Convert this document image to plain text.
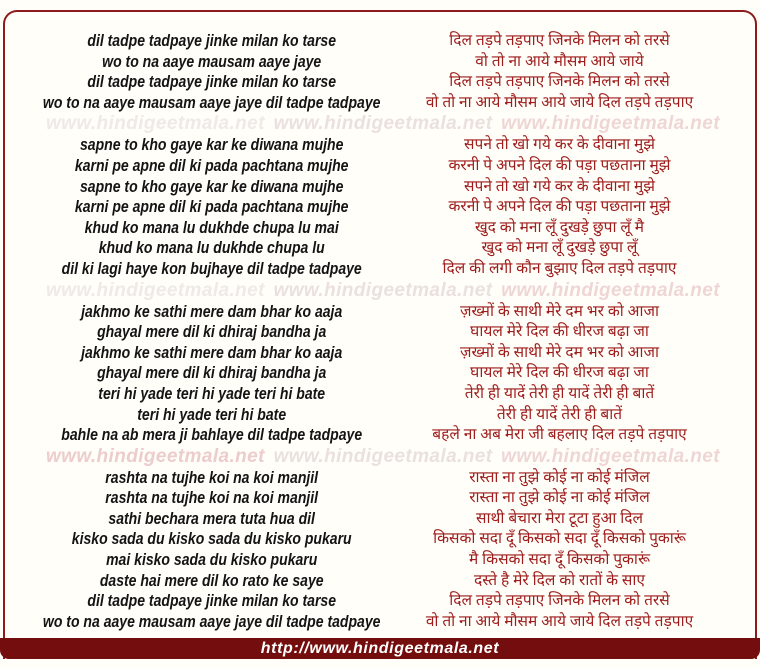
dil tadpe tadpaye jinke milan ko tarse
wo to na aaye mausam aaye jaye
dil tadpe tadpaye jinke milan ko tarse
wo to na aaye mausam aaye jaye dil tadpe tadpaye
दिल तड़पे तड़पाए जिनके मिलन को तरसे
वो तो ना आये मौसम आये जाये
दिल तड़पे तड़पाए जिनके मिलन को तरसे
वो तो ना आये मौसम आये जाये दिल तड़पे तड़पाए
www.hindigeetmala.net www.hindigeetmala.net www.hindigeetmala.net
sapne to kho gaye kar ke diwana mujhe
karni pe apne dil ki pada pachtana mujhe
sapne to kho gaye kar ke diwana mujhe
karni pe apne dil ki pada pachtana mujhe
khud ko mana lu dukhde chupa lu mai
khud ko mana lu dukhde chupa lu
dil ki lagi haye kon bujhaye dil tadpe tadpaye
सपने तो खो गये कर के दीवाना मुझे
करनी पे अपने दिल की पड़ा पछताना मुझे
सपने तो खो गये कर के दीवाना मुझे
करनी पे अपने दिल की पड़ा पछताना मुझे
खुद को मना लूँ दुखड़े छुपा लूँ मै
खुद को मना लूँ दुखड़े छुपा लूँ
दिल की लगी कौन बुझाए दिल तड़पे तड़पाए
www.hindigeetmala.net www.hindigeetmala.net www.hindigeetmala.net
jakhmo ke sathi mere dam bhar ko aaja
ghayal mere dil ki dhiraj bandha ja
jakhmo ke sathi mere dam bhar ko aaja
ghayal mere dil ki dhiraj bandha ja
teri hi yade teri hi yade teri hi bate
teri hi yade teri hi bate
bahle na ab mera ji bahlaye dil tadpe tadpaye
ज़ख्मों के साथी मेरे दम भर को आजा
घायल मेरे दिल की धीरज बढ़ा जा
ज़ख्मों के साथी मेरे दम भर को आजा
घायल मेरे दिल की धीरज बढ़ा जा
तेरी ही यादें तेरी ही यादें तेरी ही बातें
तेरी ही यादें तेरी ही बातें
बहले ना अब मेरा जी बहलाए दिल तड़पे तड़पाए
www.hindigeetmala.net www.hindigeetmala.net www.hindigeetmala.net
rashta na tujhe koi na koi manjil
rashta na tujhe koi na koi manjil
sathi bechara mera tuta hua dil
kisko sada du kisko sada du kisko pukaru
mai kisko sada du kisko pukaru
daste hai mere dil ko rato ke saye
dil tadpe tadpaye jinke milan ko tarse
wo to na aaye mausam aaye jaye dil tadpe tadpaye
रास्ता ना तुझे कोई ना कोई मंजिल
रास्ता ना तुझे कोई ना कोई मंजिल
साथी बेचारा मेरा टूटा हुआ दिल
किसको सदा दूँ किसको सदा दूँ किसको पुकारूं
मै किसको सदा दूँ किसको पुकारूं
दस्ते है मेरे दिल को रातों के साए
दिल तड़पे तड़पाए जिनके मिलन को तरसे
वो तो ना आये मौसम आये जाये दिल तड़पे तड़पाए
http://www.hindigeetmala.net
